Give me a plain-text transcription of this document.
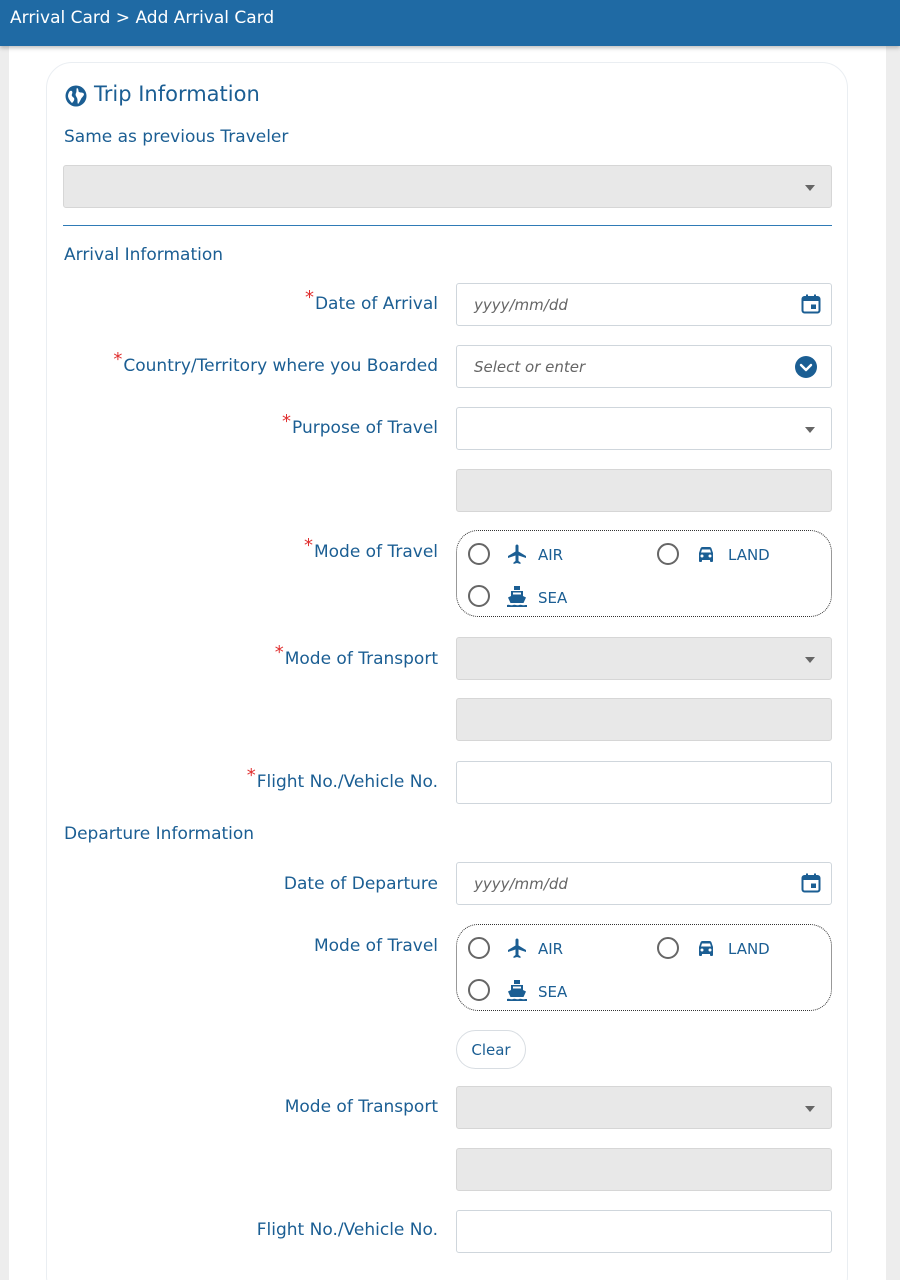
Arrival Card > Add Arrival Card
Trip Information
Same as previous Traveler
Arrival Information
*Date of Arrival yyyy/mm/dd
*Country/Territory where you Boarded Select or enter
*Purpose of Travel
*Mode of Travel	AIR	LAND
SEA
*Mode of Transport
*Flight No./Vehicle No.
Departure Information
Date of Departure yyyy/mm/dd
Mode of Travel	AIR	LAND
SEA
Clear
Mode of Transport
Flight No./Vehicle No.
